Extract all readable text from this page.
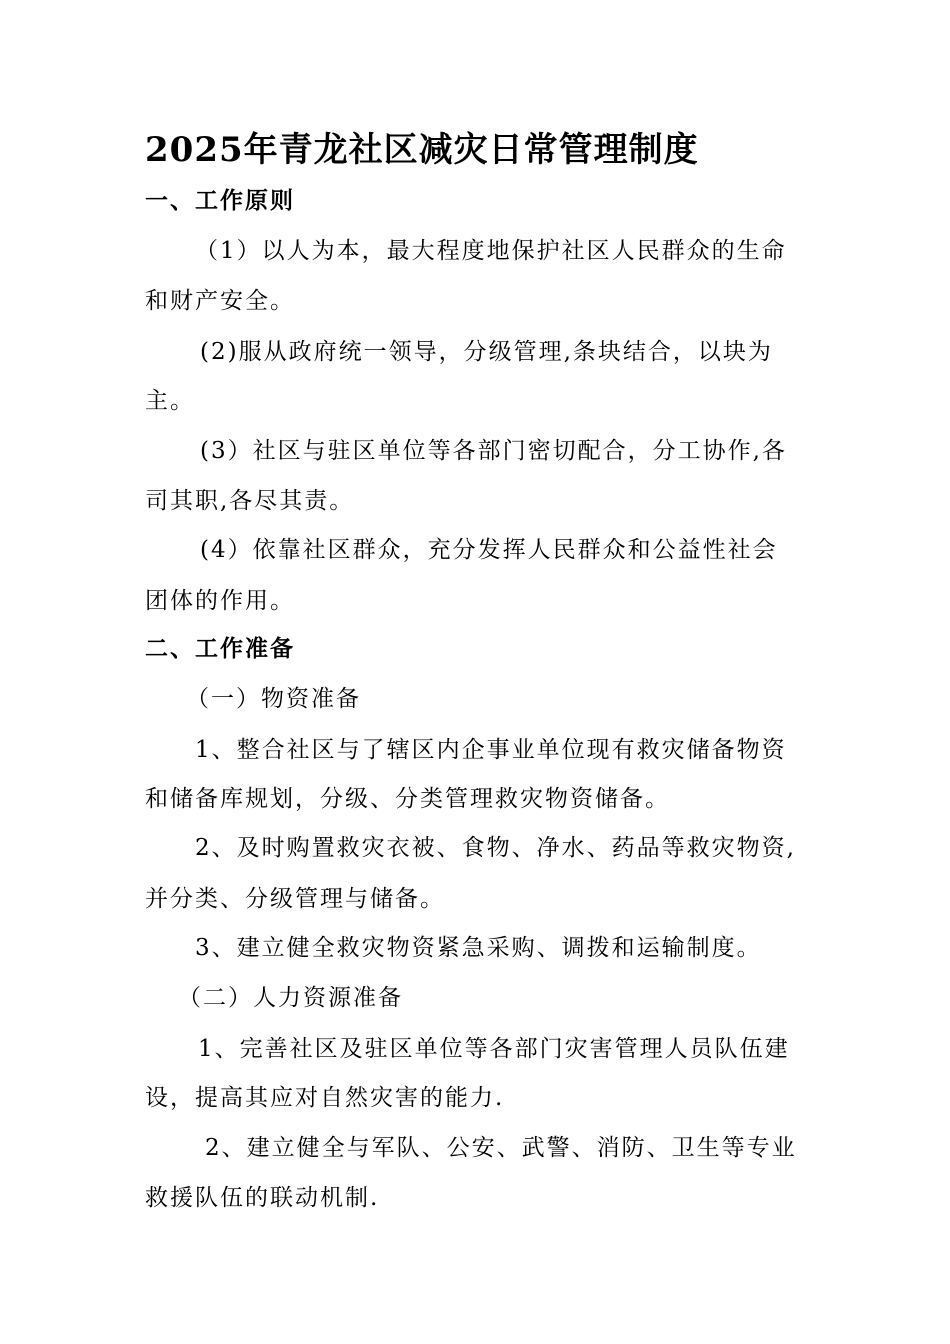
2025年青龙社区减灾日常管理制度
一、工作原则
（1）以人为本，最大程度地保护社区人民群众的生命
和财产安全。
(2)服从政府统一领导，分级管理,条块结合，以块为
主。
(3）社区与驻区单位等各部门密切配合，分工协作,各
司其职,各尽其责。
(4）依靠社区群众，充分发挥人民群众和公益性社会
团体的作用。
二、工作准备
（一）物资准备
1、整合社区与了辖区内企事业单位现有救灾储备物资
和储备库规划，分级、分类管理救灾物资储备。
2、及时购置救灾衣被、食物、净水、药品等救灾物资,
并分类、分级管理与储备。
3、建立健全救灾物资紧急采购、调拨和运输制度。
（二）人力资源准备
1、完善社区及驻区单位等各部门灾害管理人员队伍建
设，提高其应对自然灾害的能力.
2、建立健全与军队、公安、武警、消防、卫生等专业
救援队伍的联动机制.
